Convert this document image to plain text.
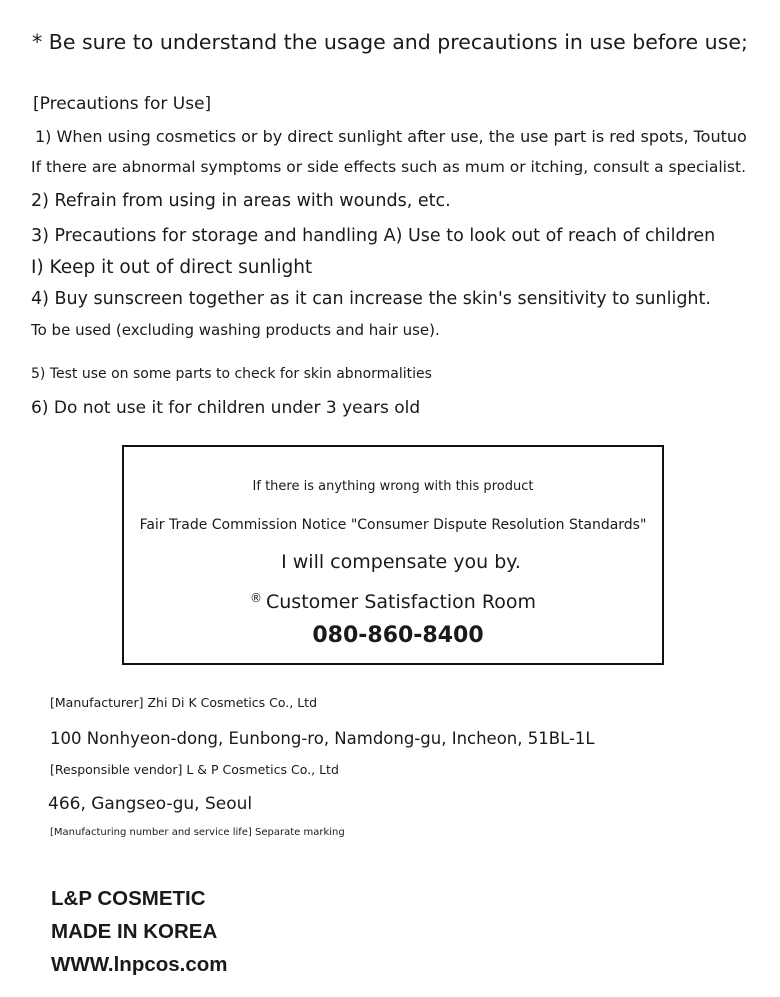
* Be sure to understand the usage and precautions in use before use;
[Precautions for Use]
1) When using cosmetics or by direct sunlight after use, the use part is red spots, Toutuo
If there are abnormal symptoms or side effects such as mum or itching, consult a specialist.
2) Refrain from using in areas with wounds, etc.
3) Precautions for storage and handling A) Use to look out of reach of children
I) Keep it out of direct sunlight
4) Buy sunscreen together as it can increase the skin's sensitivity to sunlight.
To be used (excluding washing products and hair use).
5) Test use on some parts to check for skin abnormalities
6) Do not use it for children under 3 years old
If there is anything wrong with this product
Fair Trade Commission Notice "Consumer Dispute Resolution Standards"
I will compensate you by.
® Customer Satisfaction Room
080-860-8400
[Manufacturer] Zhi Di K Cosmetics Co., Ltd
100 Nonhyeon-dong, Eunbong-ro, Namdong-gu, Incheon, 51BL-1L
[Responsible vendor] L & P Cosmetics Co., Ltd
466, Gangseo-gu, Seoul
[Manufacturing number and service life] Separate marking
L&P COSMETIC
MADE IN KOREA
WWW.lnpcos.com
